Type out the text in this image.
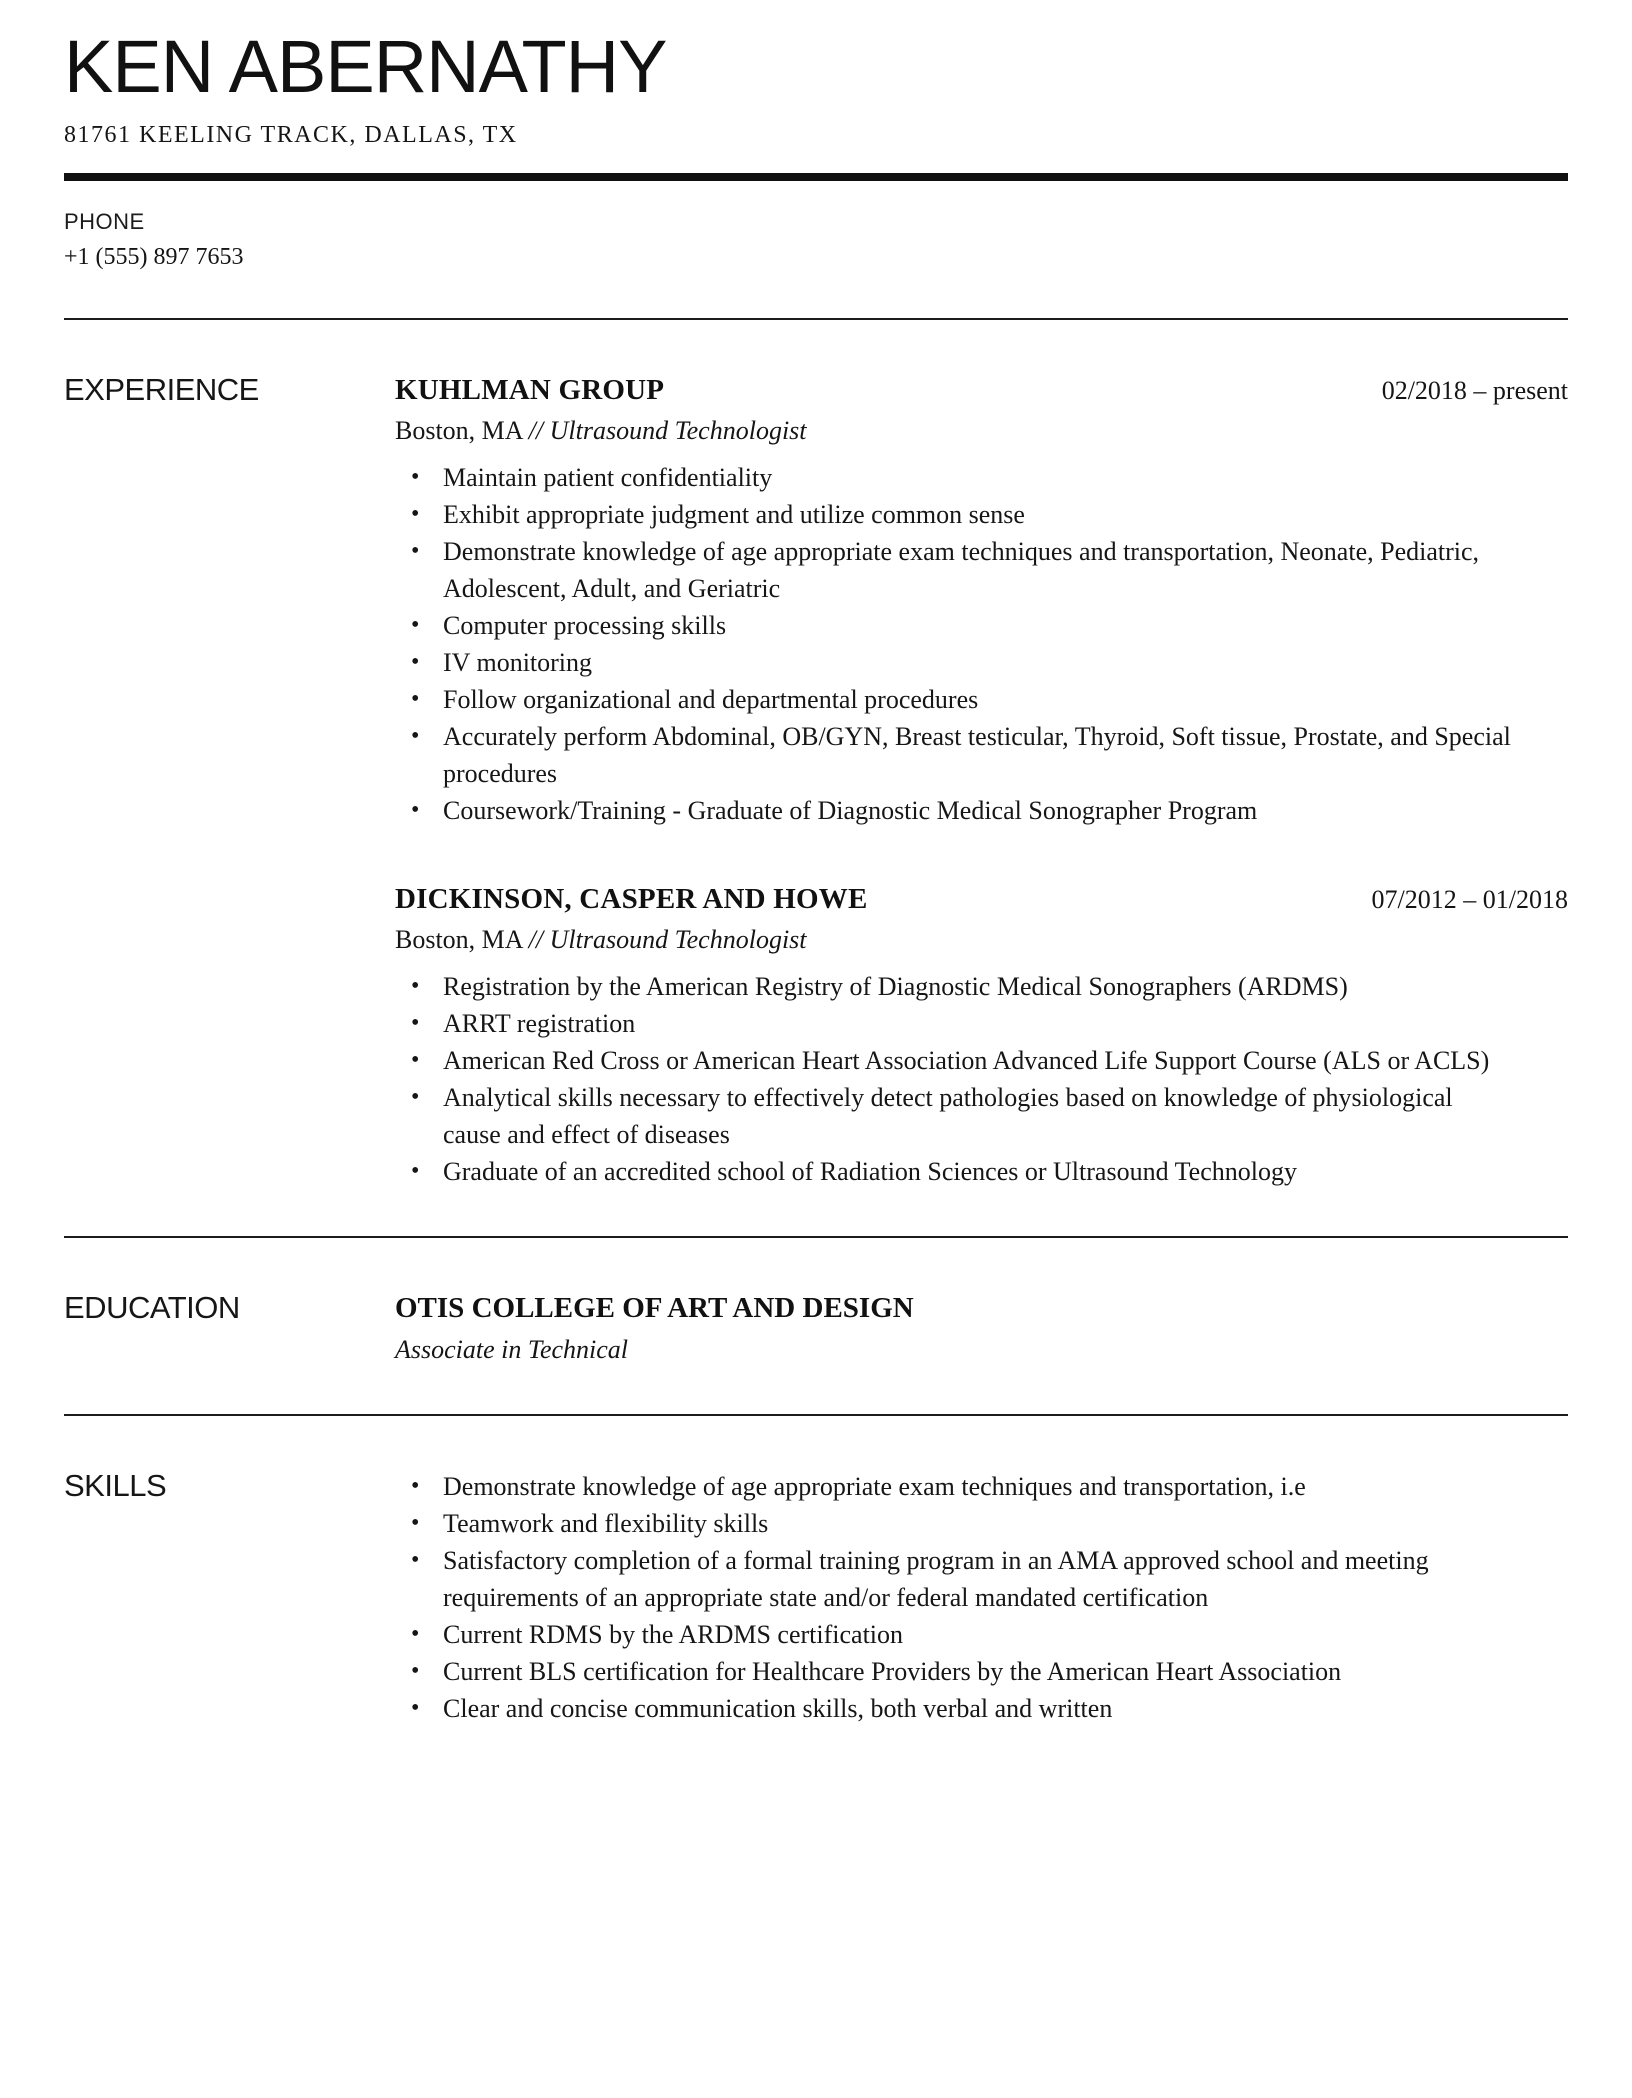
KEN ABERNATHY
81761 KEELING TRACK, DALLAS, TX
PHONE
+1 (555) 897 7653
EXPERIENCE	KUHLMAN GROUP	02/2018 – present
Boston, MA // Ultrasound Technologist
• Maintain patient confidentiality
• Exhibit appropriate judgment and utilize common sense
• Demonstrate knowledge of age appropriate exam techniques and transportation, Neonate, Pediatric, Adolescent, Adult, and Geriatric
• Computer processing skills
• IV monitoring
• Follow organizational and departmental procedures
• Accurately perform Abdominal, OB/GYN, Breast testicular, Thyroid, Soft tissue, Prostate, and Special procedures
• Coursework/Training - Graduate of Diagnostic Medical Sonographer Program
DICKINSON, CASPER AND HOWE	07/2012 – 01/2018
Boston, MA // Ultrasound Technologist
• Registration by the American Registry of Diagnostic Medical Sonographers (ARDMS)
• ARRT registration
• American Red Cross or American Heart Association Advanced Life Support Course (ALS or ACLS)
• Analytical skills necessary to effectively detect pathologies based on knowledge of physiological cause and effect of diseases
• Graduate of an accredited school of Radiation Sciences or Ultrasound Technology
EDUCATION	OTIS COLLEGE OF ART AND DESIGN
Associate in Technical
SKILLS	• Demonstrate knowledge of age appropriate exam techniques and transportation, i.e
• Teamwork and flexibility skills
• Satisfactory completion of a formal training program in an AMA approved school and meeting requirements of an appropriate state and/or federal mandated certification
• Current RDMS by the ARDMS certification
• Current BLS certification for Healthcare Providers by the American Heart Association
• Clear and concise communication skills, both verbal and written
